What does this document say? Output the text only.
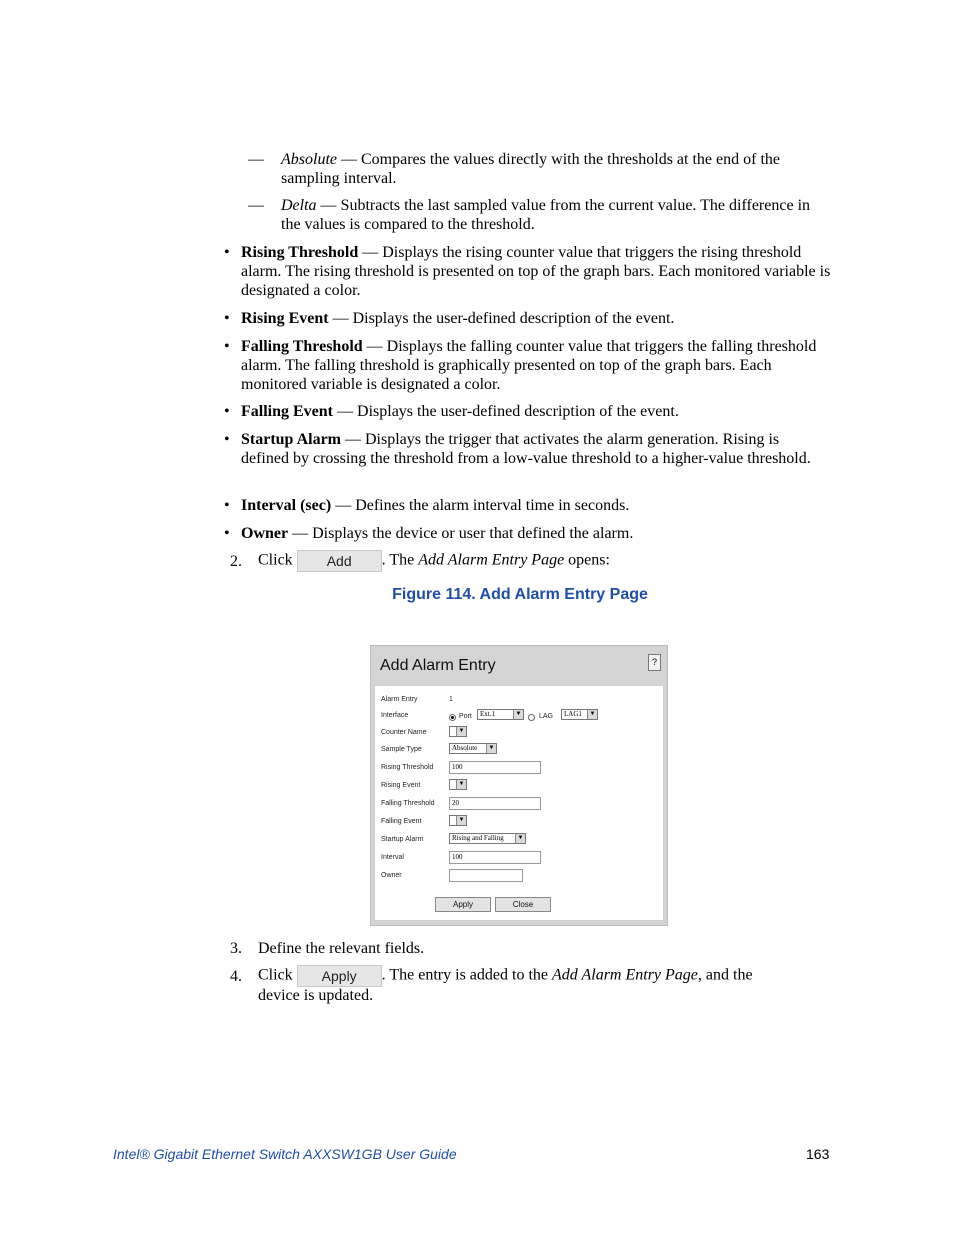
— Absolute — Compares the values directly with the thresholds at the end of the sampling interval.
— Delta — Subtracts the last sampled value from the current value. The difference in the values is compared to the threshold.
• Rising Threshold — Displays the rising counter value that triggers the rising threshold alarm. The rising threshold is presented on top of the graph bars. Each monitored variable is designated a color.
• Rising Event — Displays the user-defined description of the event.
• Falling Threshold — Displays the falling counter value that triggers the falling threshold alarm. The falling threshold is graphically presented on top of the graph bars. Each monitored variable is designated a color.
• Falling Event — Displays the user-defined description of the event.
• Startup Alarm — Displays the trigger that activates the alarm generation. Rising is defined by crossing the threshold from a low-value threshold to a higher-value threshold.
• Interval (sec) — Defines the alarm interval time in seconds.
• Owner — Displays the device or user that defined the alarm.
2. Click Add . The Add Alarm Entry Page opens:
Figure 114. Add Alarm Entry Page
Add Alarm Entry	?
Alarm Entry	1
Interface	Port	Ext.1	▼	LAG	LAG1	▼
Counter Name	▼
Sample Type	Absolute	▼
Rising Threshold	100
Rising Event	▼
Falling Threshold	20
Falling Event	▼
Startup Alarm	Rising and Falling	▼
Interval	100
Owner
Apply	Close
3. Define the relevant fields.
4. Click Apply . The entry is added to the Add Alarm Entry Page, and the
device is updated.
Intel® Gigabit Ethernet Switch AXXSW1GB User Guide	163
